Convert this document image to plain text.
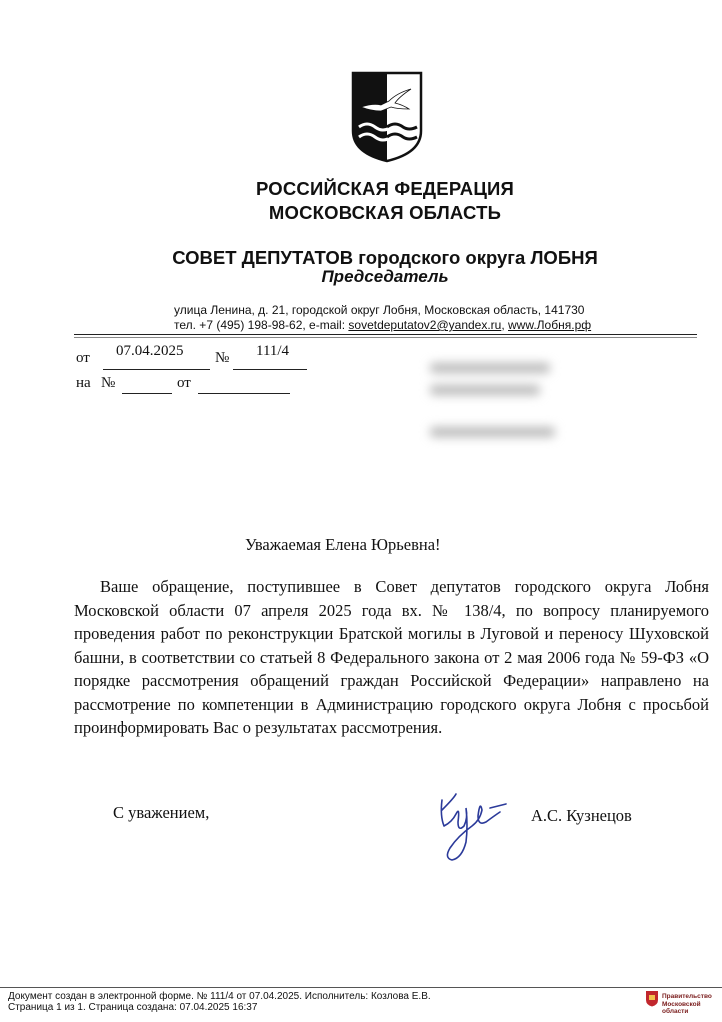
РОССИЙСКАЯ ФЕДЕРАЦИЯ
МОСКОВСКАЯ ОБЛАСТЬ
СОВЕТ ДЕПУТАТОВ городского округа ЛОБНЯ
Председатель
улица Ленина, д. 21, городской округ Лобня, Московская область, 141730
тел. +7 (495) 198-98-62, e-mail: sovetdeputatov2@yandex.ru, www.Лобня.рф
от 07.04.2025 № 111/4
на №	от
Уважаемая Елена Юрьевна!

Ваше обращение, поступившее в Совет депутатов городского округа Лобня Московской области 07 апреля 2025 года вх. № 138/4, по вопросу планируемого проведения работ по реконструкции Братской могилы в Луговой и переносу Шуховской башни, в соответствии со статьей 8 Федерального закона от 2 мая 2006 года № 59-ФЗ «О порядке рассмотрения обращений граждан Российской Федерации» направлено на рассмотрение по компетенции в Администрацию городского округа Лобня с просьбой проинформировать Вас о результатах рассмотрения.

С уважением,	А.С. Кузнецов
Документ создан в электронной форме. № 111/4 от 07.04.2025. Исполнитель: Козлова Е.В.
Страница 1 из 1. Страница создана: 07.04.2025 16:37
Правительство
Московской области
